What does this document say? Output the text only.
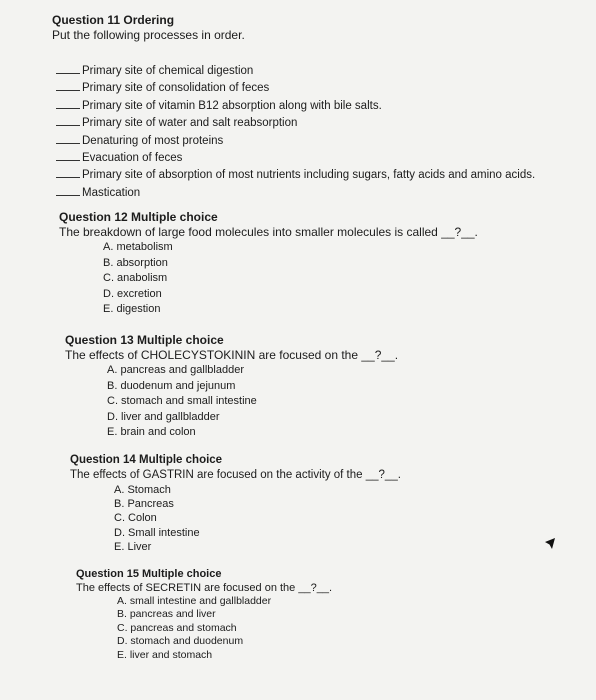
Question 11 Ordering
Put the following processes in order.
Primary site of chemical digestion
Primary site of consolidation of feces
Primary site of vitamin B12 absorption along with bile salts.
Primary site of water and salt reabsorption
Denaturing of most proteins
Evacuation of feces
Primary site of absorption of most nutrients including sugars, fatty acids and amino acids.
Mastication
Question 12 Multiple choice
The breakdown of large food molecules into smaller molecules is called __?__.
A. metabolism
B. absorption
C. anabolism
D. excretion
E. digestion
Question 13 Multiple choice
The effects of CHOLECYSTOKININ are focused on the __?__.
A. pancreas and gallbladder
B. duodenum and jejunum
C. stomach and small intestine
D. liver and gallbladder
E. brain and colon
Question 14 Multiple choice
The effects of GASTRIN are focused on the activity of the __?__.
A. Stomach
B. Pancreas
C. Colon
D. Small intestine
E. Liver
Question 15 Multiple choice
The effects of SECRETIN are focused on the __?__.
A. small intestine and gallbladder
B. pancreas and liver
C. pancreas and stomach
D. stomach and duodenum
E. liver and stomach
